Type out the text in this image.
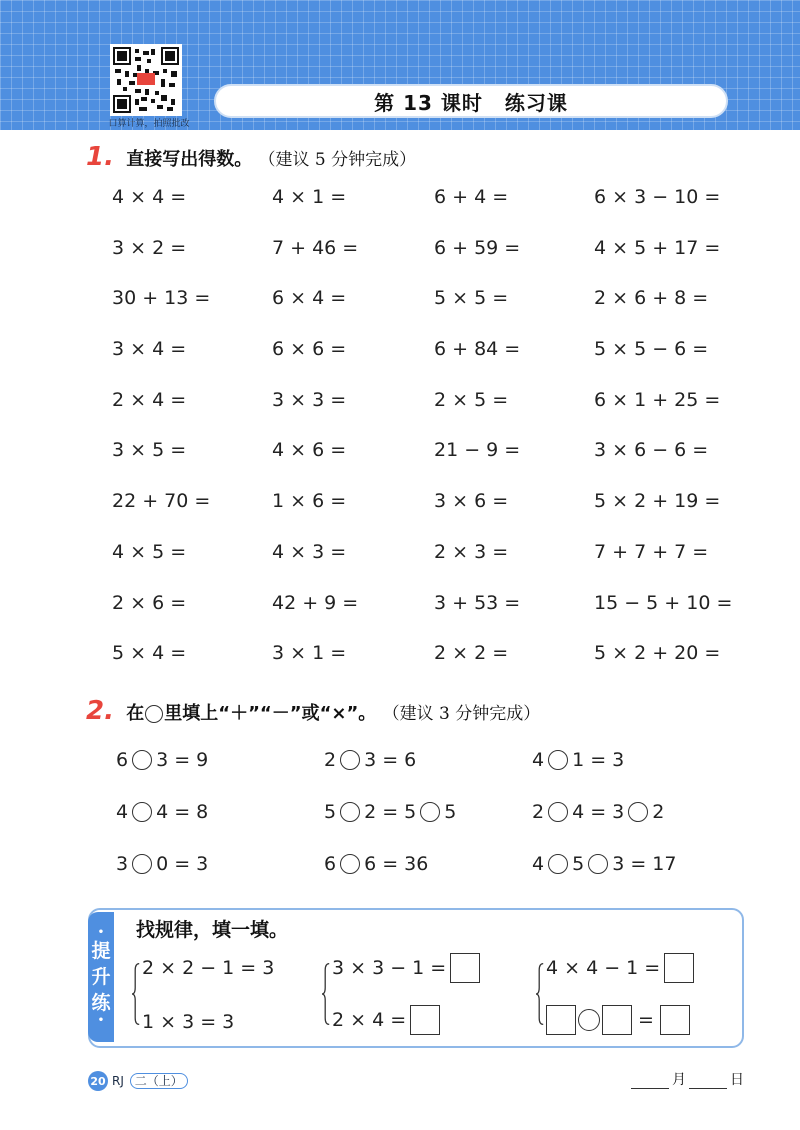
口算计算，拍照批改
第 13 课时 练习课
1. 直接写出得数。 （建议 5 分钟完成）
4 × 4 =	4 × 1 =	6 + 4 =	6 × 3 − 10 =
3 × 2 =	7 + 46 =	6 + 59 =	4 × 5 + 17 =
30 + 13 =	6 × 4 =	5 × 5 =	2 × 6 + 8 =
3 × 4 =	6 × 6 =	6 + 84 =	5 × 5 − 6 =
2 × 4 =	3 × 3 =	2 × 5 =	6 × 1 + 25 =
3 × 5 =	4 × 6 =	21 − 9 =	3 × 6 − 6 =
22 + 70 =	1 × 6 =	3 × 6 =	5 × 2 + 19 =
4 × 5 =	4 × 3 =	2 × 3 =	7 + 7 + 7 =
2 × 6 =	42 + 9 =	3 + 53 =	15 − 5 + 10 =
5 × 4 =	3 × 1 =	2 × 2 =	5 × 2 + 20 =
2. 在 里填上“＋”“－”或“×”。 （建议 3 分钟完成）
6 3 = 9	2 3 = 6	4 1 = 3
4 4 = 8	5 2 = 5 5	2 4 = 3 2
3 0 = 3	6 6 = 36	4 5 3 = 17
•
提
升
练
•
找规律，填一填。
2 × 2 − 1 = 3
1 × 3 = 3
3 × 3 − 1 =
2 × 4 =
4 × 4 − 1 =
=
20 RJ 二（上）	月	日
